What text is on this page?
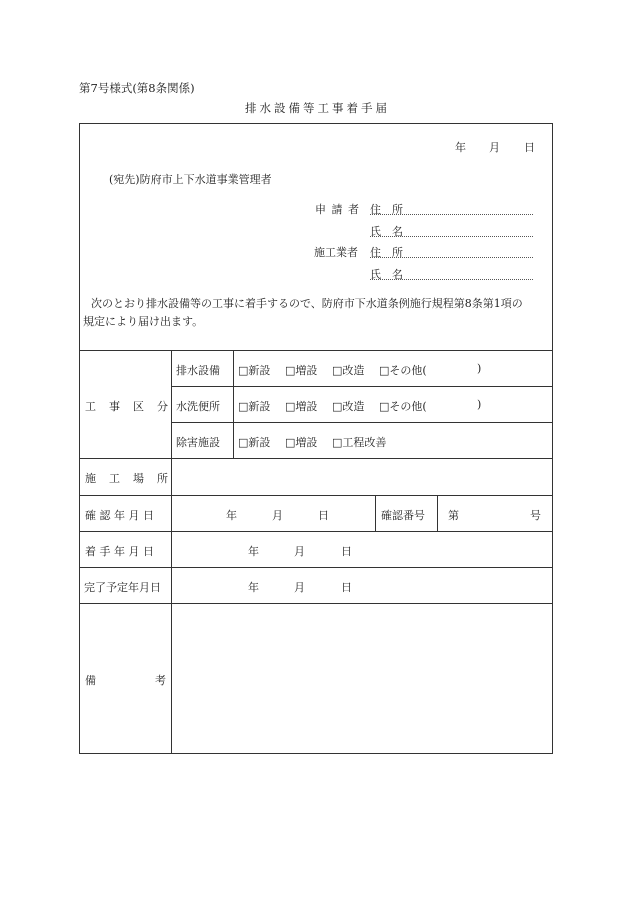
第7号様式(第8条関係)
排水設備等工事着手届
年 月 日
(宛先)防府市上下水道事業管理者
申 請 者 住　所
氏　名
施工業者 住　所
氏　名
次のとおり排水設備等の工事に着手するので、防府市下水道条例施行規程第8条第1項の
規定により届け出ます。
工　事　区　分
排水設備 □新設 □増設 □改造 □その他(	)
水洗便所 □新設 □増設 □改造 □その他(	)
除害施設 □新設 □増設 □工程改善
施　工　場　所
確 認 年 月 日	年	月	日	確認番号 第	号
着 手 年 月 日	年	月	日
完了予定年月日	年	月	日
備	考
